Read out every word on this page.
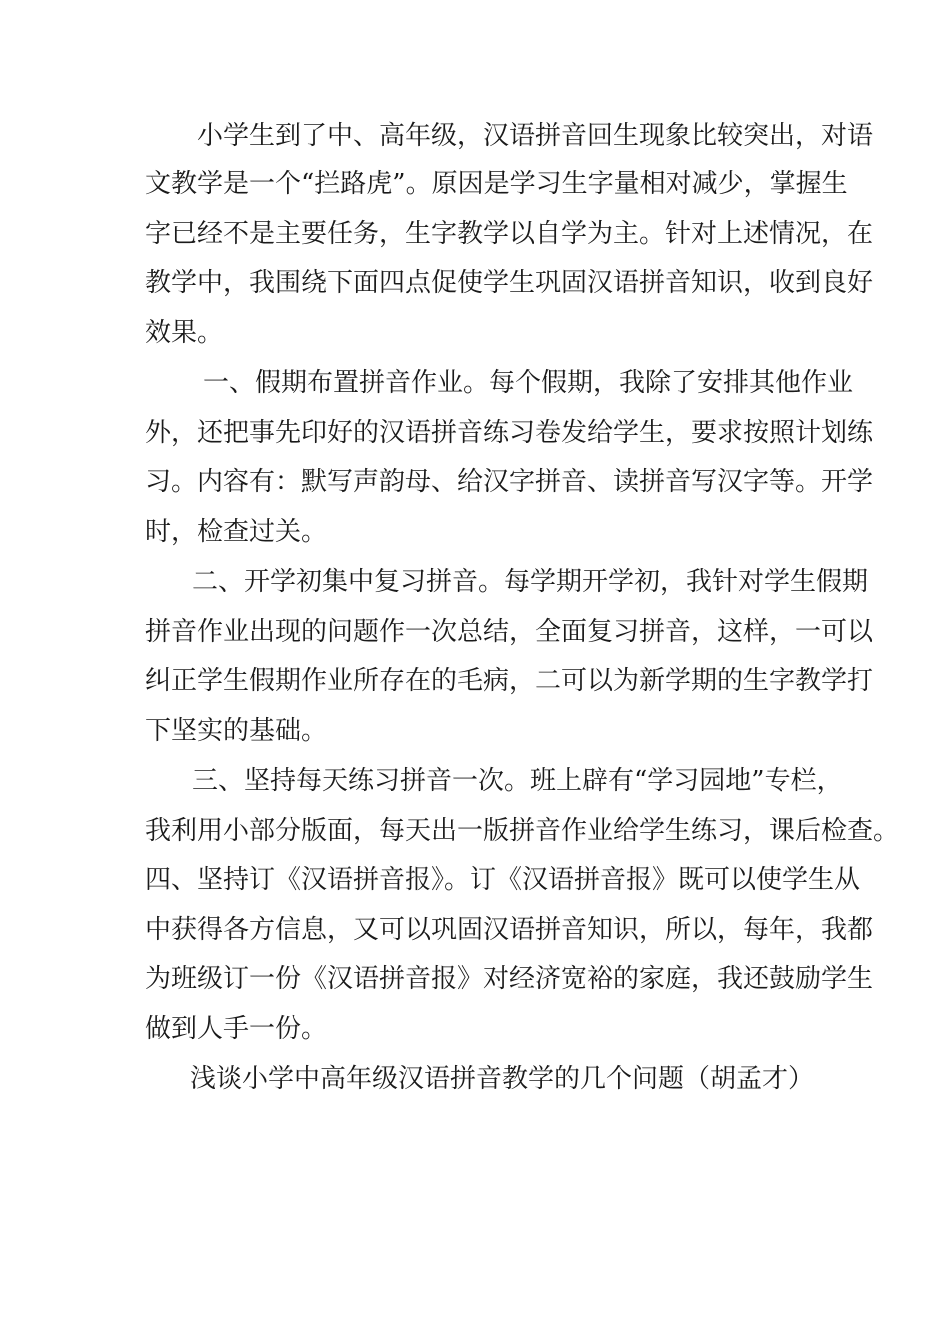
小学生到了中、高年级，汉语拼音回生现象比较突出，对语
文教学是一个“拦路虎”。原因是学习生字量相对减少，掌握生
字已经不是主要任务，生字教学以自学为主。针对上述情况，在
教学中，我围绕下面四点促使学生巩固汉语拼音知识，收到良好
效果。
一、假期布置拼音作业。每个假期，我除了安排其他作业
外，还把事先印好的汉语拼音练习卷发给学生，要求按照计划练
习。内容有：默写声韵母、给汉字拼音、读拼音写汉字等。开学
时，检查过关。
二、开学初集中复习拼音。每学期开学初，我针对学生假期
拼音作业出现的问题作一次总结，全面复习拼音，这样，一可以
纠正学生假期作业所存在的毛病，二可以为新学期的生字教学打
下坚实的基础。
三、坚持每天练习拼音一次。班上辟有“学习园地”专栏，
我利用小部分版面，每天出一版拼音作业给学生练习，课后检查。
四、坚持订《汉语拼音报》。订《汉语拼音报》既可以使学生从
中获得各方信息，又可以巩固汉语拼音知识，所以，每年，我都
为班级订一份《汉语拼音报》对经济宽裕的家庭，我还鼓励学生
做到人手一份。
浅谈小学中高年级汉语拼音教学的几个问题（胡孟才）
